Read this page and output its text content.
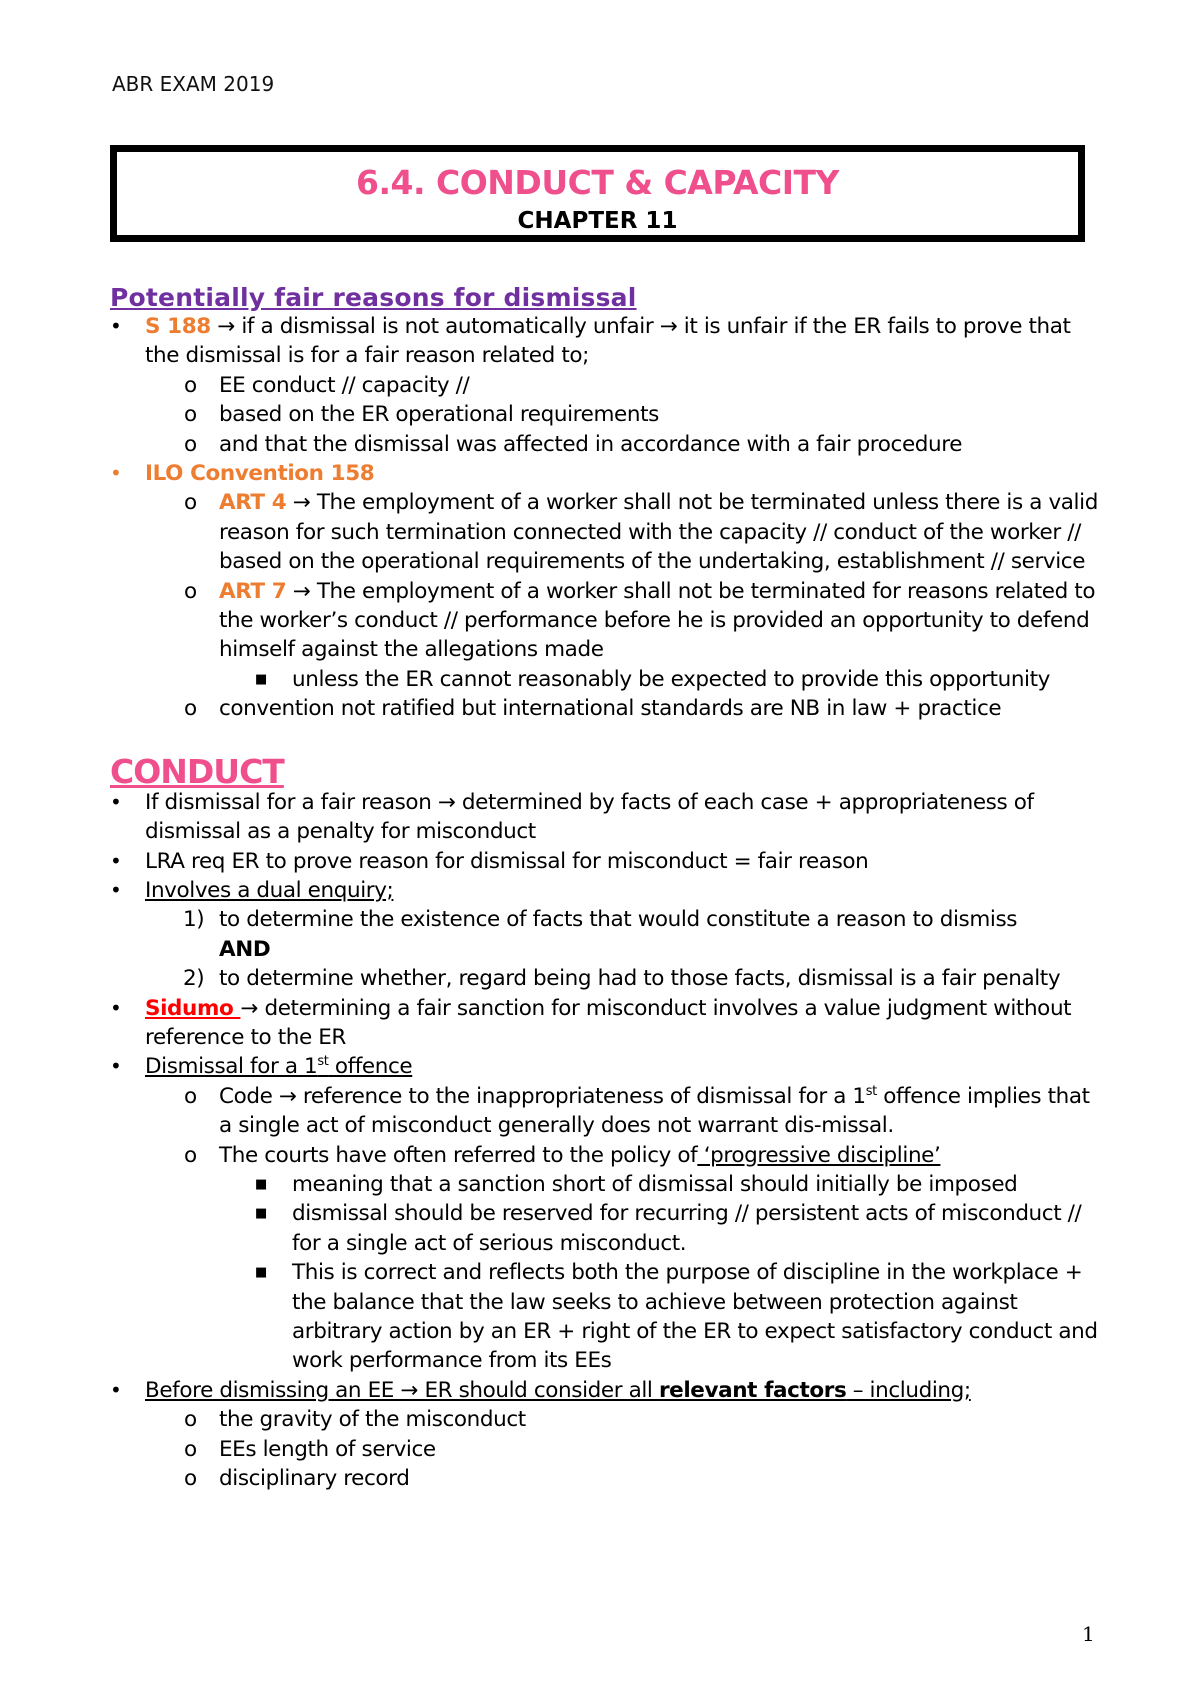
ABR EXAM 2019
6.4. CONDUCT & CAPACITY
CHAPTER 11
Potentially fair reasons for dismissal
• S 188 → if a dismissal is not automatically unfair → it is unfair if the ER fails to prove that the dismissal is for a fair reason related to;
o EE conduct // capacity //
o based on the ER operational requirements
o and that the dismissal was affected in accordance with a fair procedure
• ILO Convention 158
o ART 4 → The employment of a worker shall not be terminated unless there is a valid reason for such termination connected with the capacity // conduct of the worker // based on the operational requirements of the undertaking, establishment // service
o ART 7 → The employment of a worker shall not be terminated for reasons related to the worker’s conduct // performance before he is provided an opportunity to defend himself against the allegations made
■ unless the ER cannot reasonably be expected to provide this opportunity
o convention not ratified but international standards are NB in law + practice
CONDUCT
• If dismissal for a fair reason → determined by facts of each case + appropriateness of dismissal as a penalty for misconduct
• LRA req ER to prove reason for dismissal for misconduct = fair reason
• Involves a dual enquiry;
1) to determine the existence of facts that would constitute a reason to dismiss
AND
2) to determine whether, regard being had to those facts, dismissal is a fair penalty
• Sidumo → determining a fair sanction for misconduct involves a value judgment without reference to the ER
• Dismissal for a 1st offence
o Code → reference to the inappropriateness of dismissal for a 1st offence implies that a single act of misconduct generally does not warrant dis-missal.
o The courts have often referred to the policy of ‘progressive discipline’
■ meaning that a sanction short of dismissal should initially be imposed
■ dismissal should be reserved for recurring // persistent acts of misconduct // for a single act of serious misconduct.
■ This is correct and reflects both the purpose of discipline in the workplace + the balance that the law seeks to achieve between protection against arbitrary action by an ER + right of the ER to expect satisfactory conduct and work performance from its EEs
• Before dismissing an EE → ER should consider all relevant factors – including;
o the gravity of the misconduct
o EEs length of service
o disciplinary record
1
